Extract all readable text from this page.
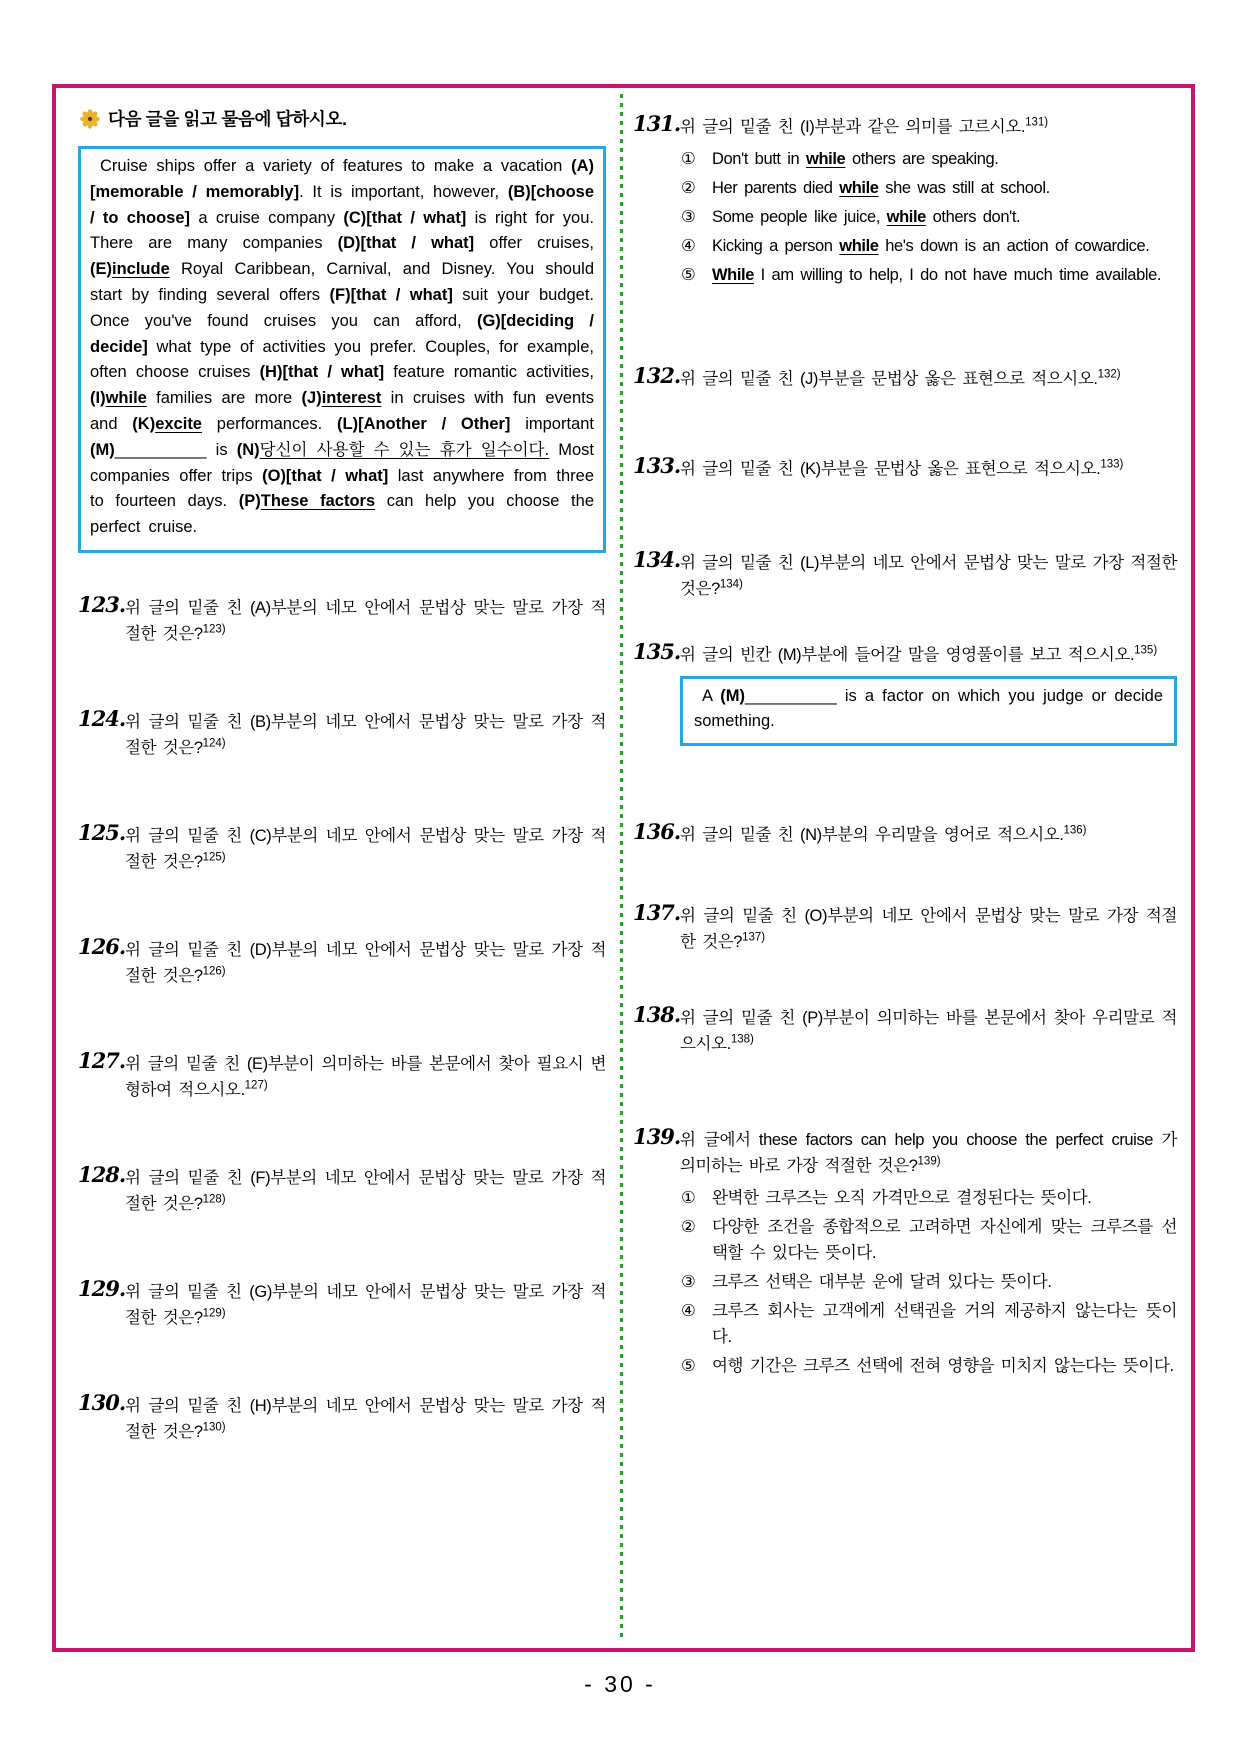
다음 글을 읽고 물음에 답하시오.

Cruise ships offer a variety of features to make a vacation (A)[memorable / memorably]. It is important, however, (B)[choose / to choose] a cruise company (C)[that / what] is right for you. There are many companies (D)[that / what] offer cruises, (E)include Royal Caribbean, Carnival, and Disney. You should start by finding several offers (F)[that / what] suit your budget. Once you've found cruises you can afford, (G)[deciding / decide] what type of activities you prefer. Couples, for example, often choose cruises (H)[that / what] feature romantic activities, (I)while families are more (J)interest in cruises with fun events and (K)excite performances. (L)[Another / Other] important (M)__________ is (N)당신이 사용할 수 있는 휴가 일수이다. Most companies offer trips (O)[that / what] last anywhere from three to fourteen days. (P)These factors can help you choose the perfect cruise.

123. 위 글의 밑줄 친 (A)부분의 네모 안에서 문법상 맞는 말로 가장 적절한 것은?$^{123)}$
124. 위 글의 밑줄 친 (B)부분의 네모 안에서 문법상 맞는 말로 가장 적절한 것은?$^{124)}$
125. 위 글의 밑줄 친 (C)부분의 네모 안에서 문법상 맞는 말로 가장 적절한 것은?$^{125)}$
126. 위 글의 밑줄 친 (D)부분의 네모 안에서 문법상 맞는 말로 가장 적절한 것은?$^{126)}$
127. 위 글의 밑줄 친 (E)부분이 의미하는 바를 본문에서 찾아 필요시 변형하여 적으시오.$^{127)}$
128. 위 글의 밑줄 친 (F)부분의 네모 안에서 문법상 맞는 말로 가장 적절한 것은?$^{128)}$
129. 위 글의 밑줄 친 (G)부분의 네모 안에서 문법상 맞는 말로 가장 적절한 것은?$^{129)}$
130. 위 글의 밑줄 친 (H)부분의 네모 안에서 문법상 맞는 말로 가장 적절한 것은?$^{130)}$
131. 위 글의 밑줄 친 (I)부분과 같은 의미를 고르시오.$^{131)}$
① Don't butt in while others are speaking.
② Her parents died while she was still at school.
③ Some people like juice, while others don't.
④ Kicking a person while he's down is an action of cowardice.
⑤ While I am willing to help, I do not have much time available.
132. 위 글의 밑줄 친 (J)부분을 문법상 옳은 표현으로 적으시오.$^{132)}$
133. 위 글의 밑줄 친 (K)부분을 문법상 옳은 표현으로 적으시오.$^{133)}$
134. 위 글의 밑줄 친 (L)부분의 네모 안에서 문법상 맞는 말로 가장 적절한 것은?$^{134)}$
135. 위 글의 빈칸 (M)부분에 들어갈 말을 영영풀이를 보고 적으시오.$^{135)}$
A (M)__________ is a factor on which you judge or decide something.
136. 위 글의 밑줄 친 (N)부분의 우리말을 영어로 적으시오.$^{136)}$
137. 위 글의 밑줄 친 (O)부분의 네모 안에서 문법상 맞는 말로 가장 적절한 것은?$^{137)}$
138. 위 글의 밑줄 친 (P)부분이 의미하는 바를 본문에서 찾아 우리말로 적으시오.$^{138)}$
139. 위 글에서 these factors can help you choose the perfect cruise 가 의미하는 바로 가장 적절한 것은?$^{139)}$
① 완벽한 크루즈는 오직 가격만으로 결정된다는 뜻이다.
② 다양한 조건을 종합적으로 고려하면 자신에게 맞는 크루즈를 선택할 수 있다는 뜻이다.
③ 크루즈 선택은 대부분 운에 달려 있다는 뜻이다.
④ 크루즈 회사는 고객에게 선택권을 거의 제공하지 않는다는 뜻이다.
⑤ 여행 기간은 크루즈 선택에 전혀 영향을 미치지 않는다는 뜻이다.
- 30 -
